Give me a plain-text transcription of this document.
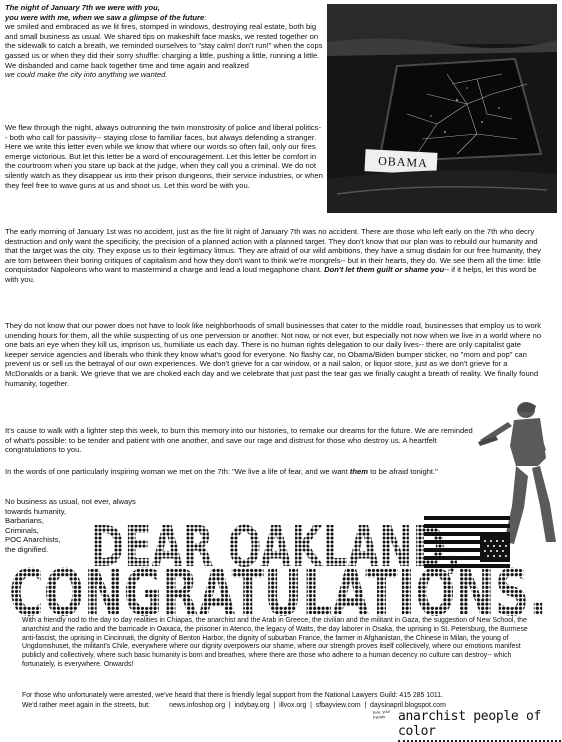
OBAMA

The night of January 7th we were with you,

you were with me, when we saw a glimpse of the future:

we smiled and embraced as we lit fires, stomped in windows, destroying real estate, both big and small business as usual. We shared tips on makeshift face masks, we rested together on the sidewalk to catch a breath, we reminded ourselves to "stay calm! don't run!" when the cops gassed us or when they did their sorry shuffle: charging a little, pushing a little, running a little. We disbanded and came back together time and time again and realized

we could make the city into anything we wanted.

We flew through the night, always outrunning the twin monstrosity of police and liberal politics-- both who call for passivity-- staying close to familiar faces, but always defending a stranger. Here we write this letter even while we know that where our words so often fail, only our fires emerge victorious. But let this letter be a word of encouragement. Let this letter be comfort in the courtroom when you stare up back at the judge, when they call you a criminal. We do not silently watch as they disappear us into their prison dungeons, their service industries, or when they feel free to wave guns at us and shoot us. Let this word be with you.

The early morning of January 1st was no accident, just as the fire lit night of January 7th was no accident. There are those who left early on the 7th who decry destruction and only want the specificity, the precision of a planned action with a planned target. They don't know that our plan was to rebuild our humanity and that the target was the city. They expose us to their legitimacy litmus. They are afraid of our wild ambitions, they have a smug disdain for our free humanity, they are torn between their boring critiques of capitalism and how they don't want to think we're mongrels-- but in their hearts, they do. We see them all the time: little conquistador Napoleons who want to mastermind a charge and lead a loud megaphone chant. Don't let them guilt or shame you-- if it helps, let this word be with you.

They do not know that our power does not have to look like neighborhoods of small businesses that cater to the middle road, businesses that employ us to work unending hours for them, all the while suspecting of us one perversion or another. Not now, or not ever, but especially not now when we live in a world where no one bats an eye when they kill us, imprison us, humiliate us each day. There is no human rights delegation to our daily lives-- there are only capitalist gate keeper service agencies and liberals who think they know what's good for everyone. No flashy car, no Obama/Biden bumper sticker, no "mom and pop" can prevent us or sell us the betrayal of our own experiences. We don't grieve for a car window, or a nail salon, or liquor store, just as we don't grieve for a McDonalds or a bank. We grieve that we are choked each day and we celebrate that just past the tear gas we finally caught a breath of reality. We finally found humanity, together.

It's cause to walk with a lighter step this week, to burn this memory into our histories, to remake our dreams for the future. We are reminded of what's possible: to be tender and patient with one another, and save our rage and distrust for those who destroy us. A heartfelt congratulations to you.

In the words of one particularly inspiring woman we met on the 7th: "We live a life of fear, and we want them to be afraid tonight."

No business as usual, not ever, always towards humanity,
Barbarians,
Criminals,
POC Anarchists,
the dignified. DEAR OAKLAND,
CONGRATULATIONS.

With a friendly nod to the day to day realities in Chiapas, the anarchist and the Arab in Greece, the civilian and the militant in Gaza, the suggestion of New School, the anarchist and the radio and the barricade in Oaxaca, the prisoner in Atenco, the legacy of Watts, the day laborer in Osaka, the uprising in St. Petersburg, the Burmese anti-fascist, the uprising in Cincinnati, the dignity of Benton Harbor, the dignity of suburban France, the farmer in Afghanistan, the Chinese in Milan, the young of Ungdomshuset, the militant's Chile, everywhere where our dignity overpowers our shame, where our strength proves itself collectively, where our emotions manifest publicly and collectively, where such basic humanity is born and breathes, where there are those who adhere to a human decency no culture can destroy-- which fortunately, is everywhere. Onwards!

For those who unfortunately were arrested, we've heard that there is friendly legal support from the National Lawyers Guild: 415 285 1011.

We'd rather meet again in the streets, but:	news.infoshop.org  |  indybay.org  |  illvox.org  |  sfbayview.com  |  daysinapril.blogspot.com
love, your friends anarchist people of color
